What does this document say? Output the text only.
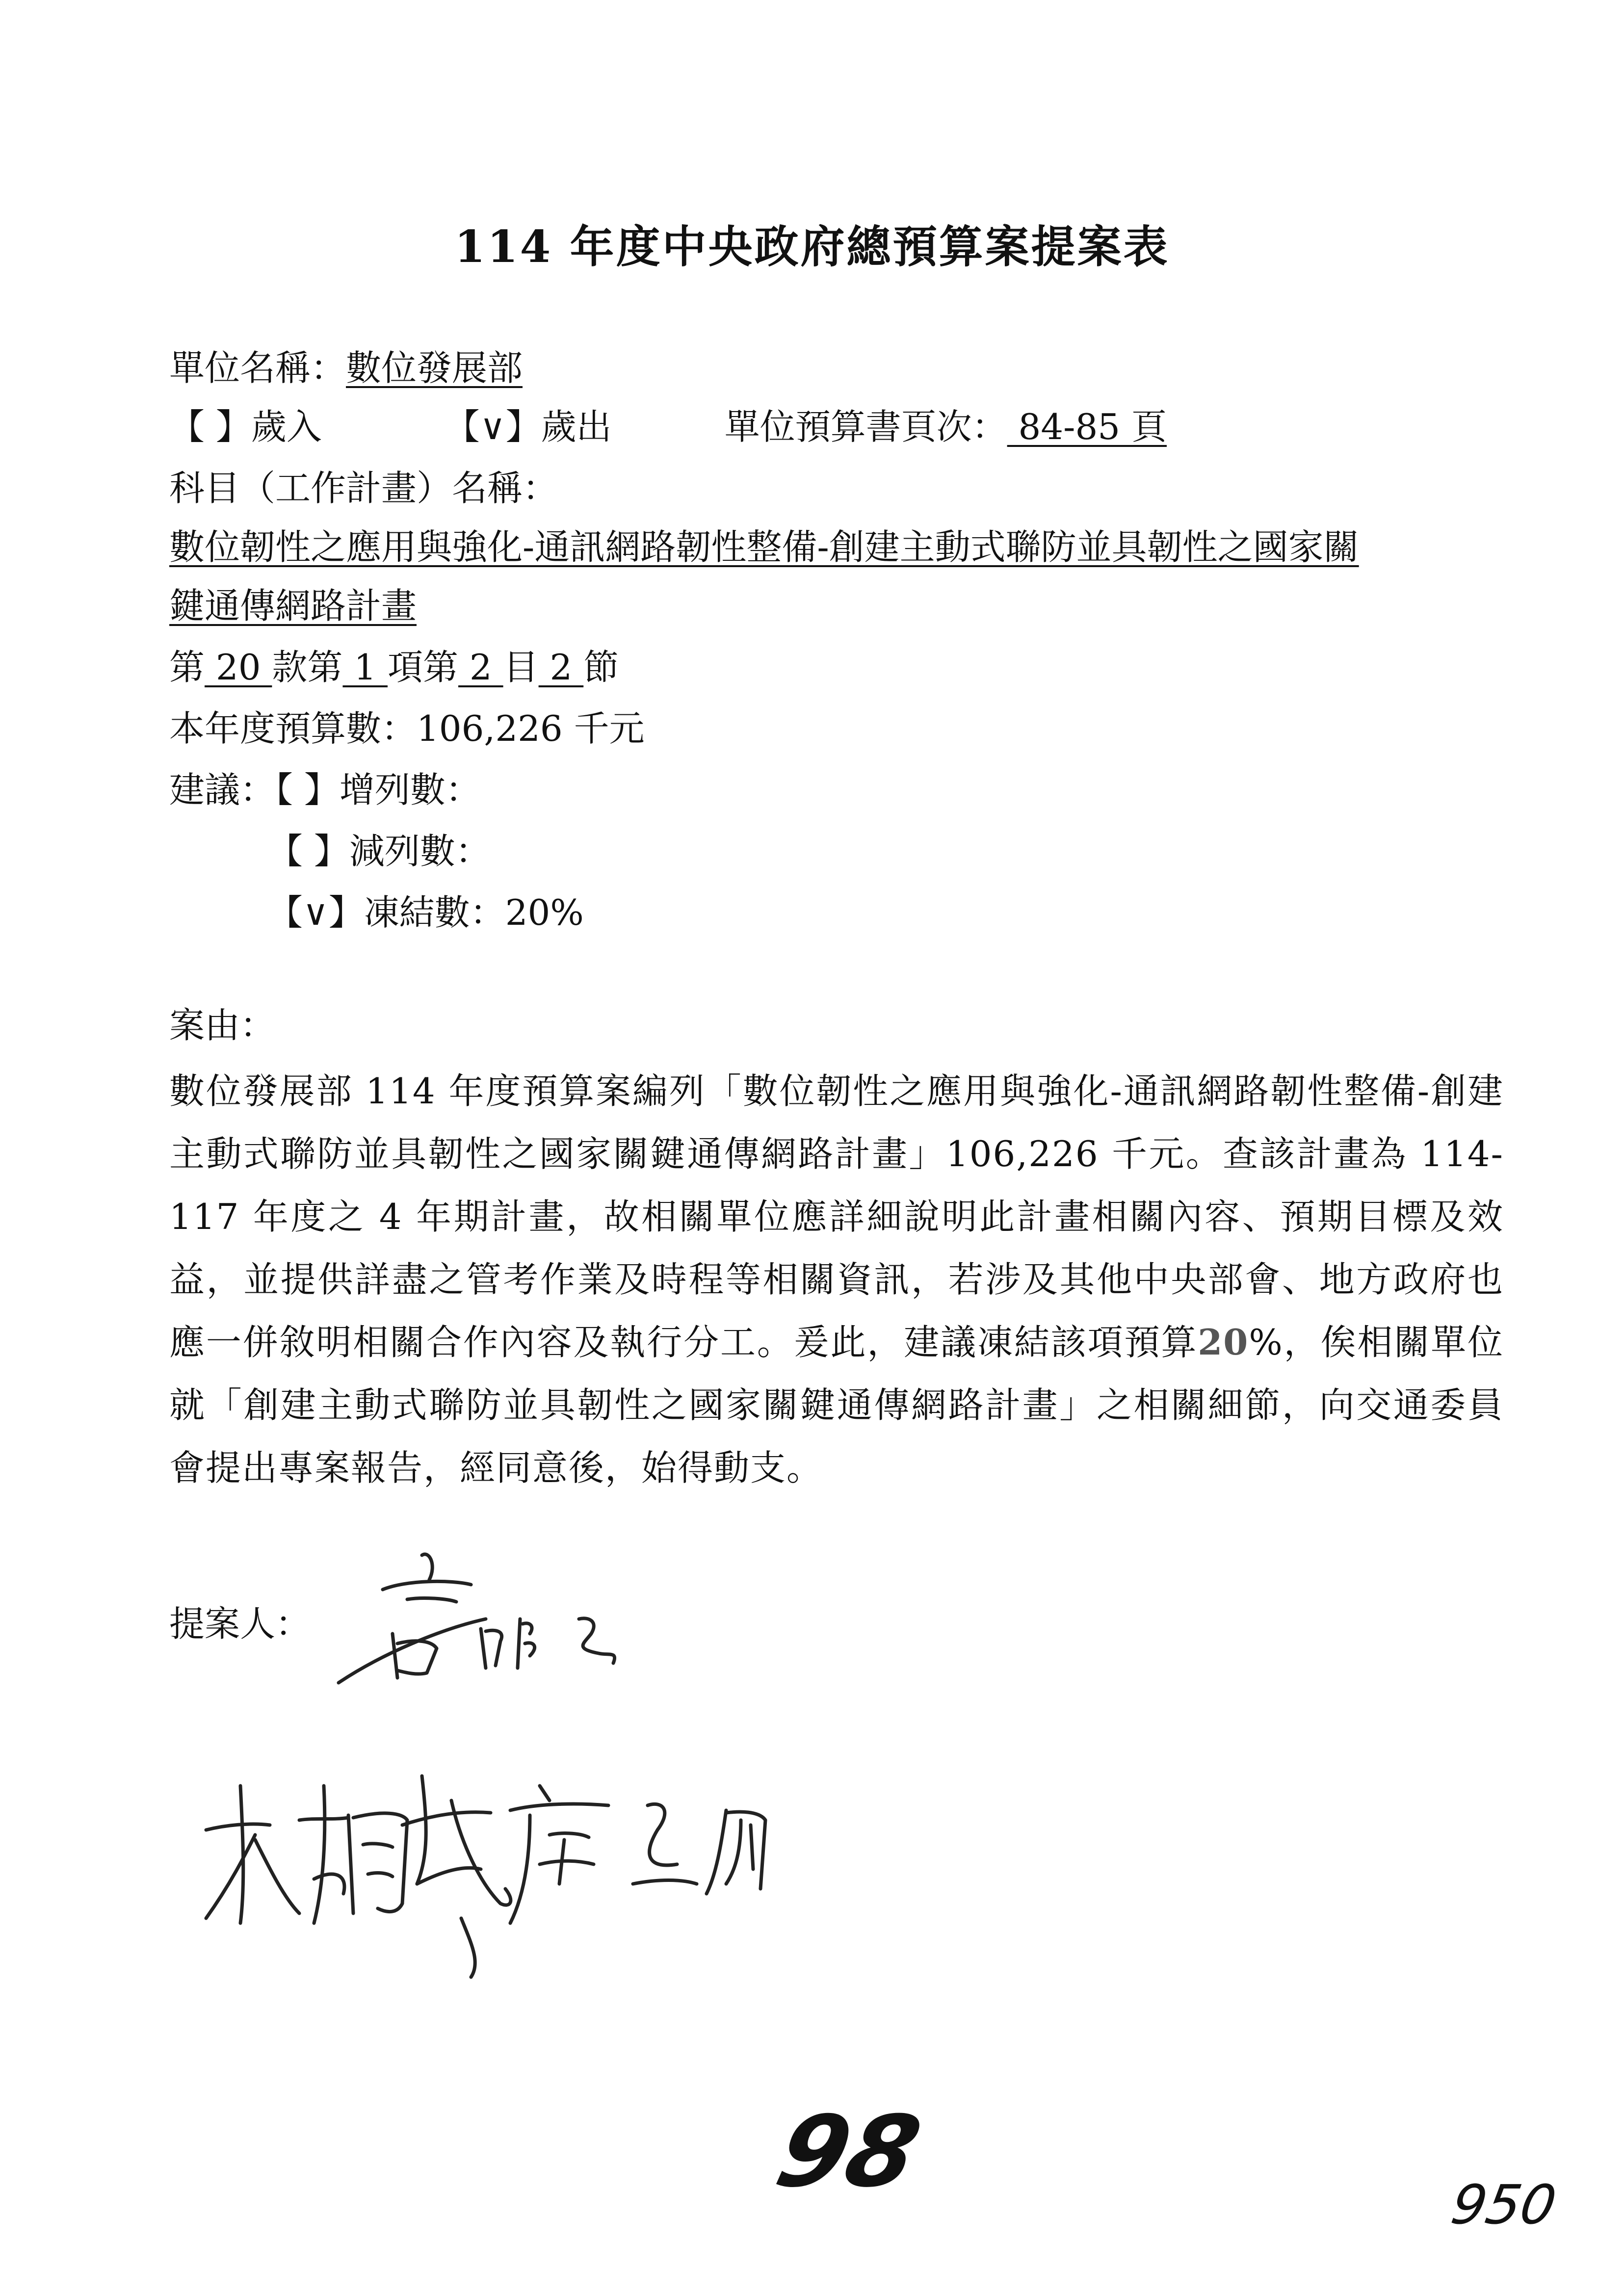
114 年度中央政府總預算案提案表
單位名稱：數位發展部
【 】歲入	【∨】歲出	單位預算書頁次： 84-85 頁
科目（工作計畫）名稱：
數位韌性之應用與強化-通訊網路韌性整備-創建主動式聯防並具韌性之國家關
鍵通傳網路計畫
第 20 款第 1 項第 2 目 2 節
本年度預算數：106,226 千元
建議：【 】增列數：
【 】減列數：
【∨】凍結數：20%
案由：
數位發展部 114 年度預算案編列「數位韌性之應用與強化-通訊網路韌性整備-創建主動式聯防並具韌性之國家關鍵通傳網路計畫」106,226 千元。查該計畫為 114-117 年度之 4 年期計畫，故相關單位應詳細說明此計畫相關內容、預期目標及效益，並提供詳盡之管考作業及時程等相關資訊，若涉及其他中央部會、地方政府也應一併敘明相關合作內容及執行分工。爰此，建議凍結該項預算20%，俟相關單位就「創建主動式聯防並具韌性之國家關鍵通傳網路計畫」之相關細節，向交通委員會提出專案報告，經同意後，始得動支。
提案人：
98	950
